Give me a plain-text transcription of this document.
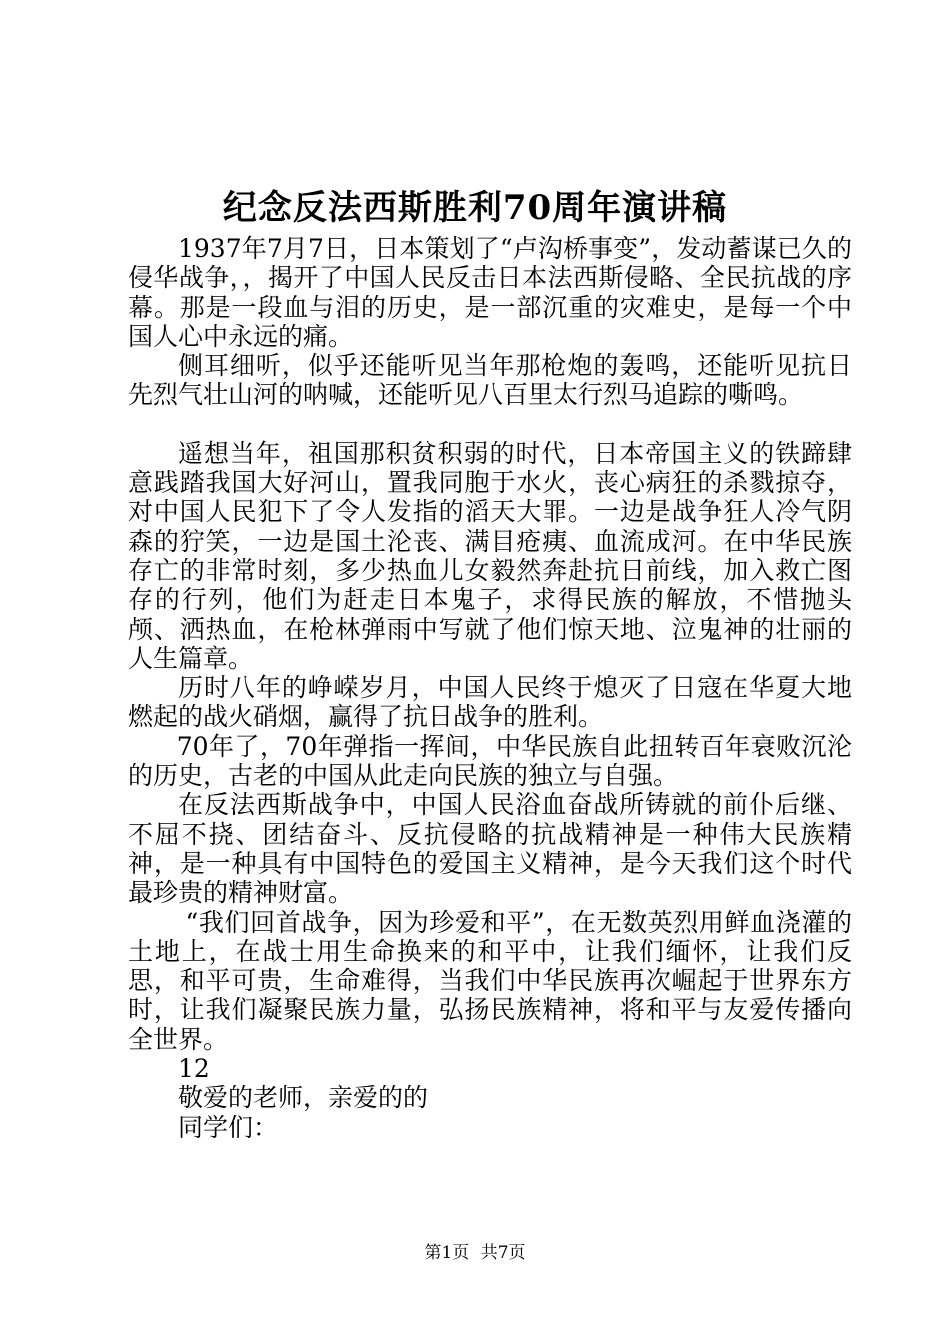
纪念反法西斯胜利70周年演讲稿

1937年7月7日，日本策划了“卢沟桥事变”，发动蓄谋已久的侵华战争，，揭开了中国人民反击日本法西斯侵略、全民抗战的序幕。那是一段血与泪的历史，是一部沉重的灾难史，是每一个中国人心中永远的痛。

侧耳细听，似乎还能听见当年那枪炮的轰鸣，还能听见抗日先烈气壮山河的呐喊，还能听见八百里太行烈马追踪的嘶鸣。

遥想当年，祖国那积贫积弱的时代，日本帝国主义的铁蹄肆意践踏我国大好河山，置我同胞于水火，丧心病狂的杀戮掠夺，对中国人民犯下了令人发指的滔天大罪。一边是战争狂人冷气阴森的狞笑，一边是国土沦丧、满目疮痍、血流成河。在中华民族存亡的非常时刻，多少热血儿女毅然奔赴抗日前线，加入救亡图存的行列，他们为赶走日本鬼子，求得民族的解放，不惜抛头颅、洒热血，在枪林弹雨中写就了他们惊天地、泣鬼神的壮丽的人生篇章。

历时八年的峥嵘岁月，中国人民终于熄灭了日寇在华夏大地燃起的战火硝烟，赢得了抗日战争的胜利。

70年了，70年弹指一挥间，中华民族自此扭转百年衰败沉沦的历史，古老的中国从此走向民族的独立与自强。

在反法西斯战争中，中国人民浴血奋战所铸就的前仆后继、不屈不挠、团结奋斗、反抗侵略的抗战精神是一种伟大民族精神，是一种具有中国特色的爱国主义精神，是今天我们这个时代最珍贵的精神财富。

“我们回首战争，因为珍爱和平”，在无数英烈用鲜血浇灌的土地上，在战士用生命换来的和平中，让我们缅怀，让我们反思，和平可贵，生命难得，当我们中华民族再次崛起于世界东方时，让我们凝聚民族力量，弘扬民族精神，将和平与友爱传播向全世界。

12

敬爱的老师，亲爱的的

同学们：

第1页 共7页
